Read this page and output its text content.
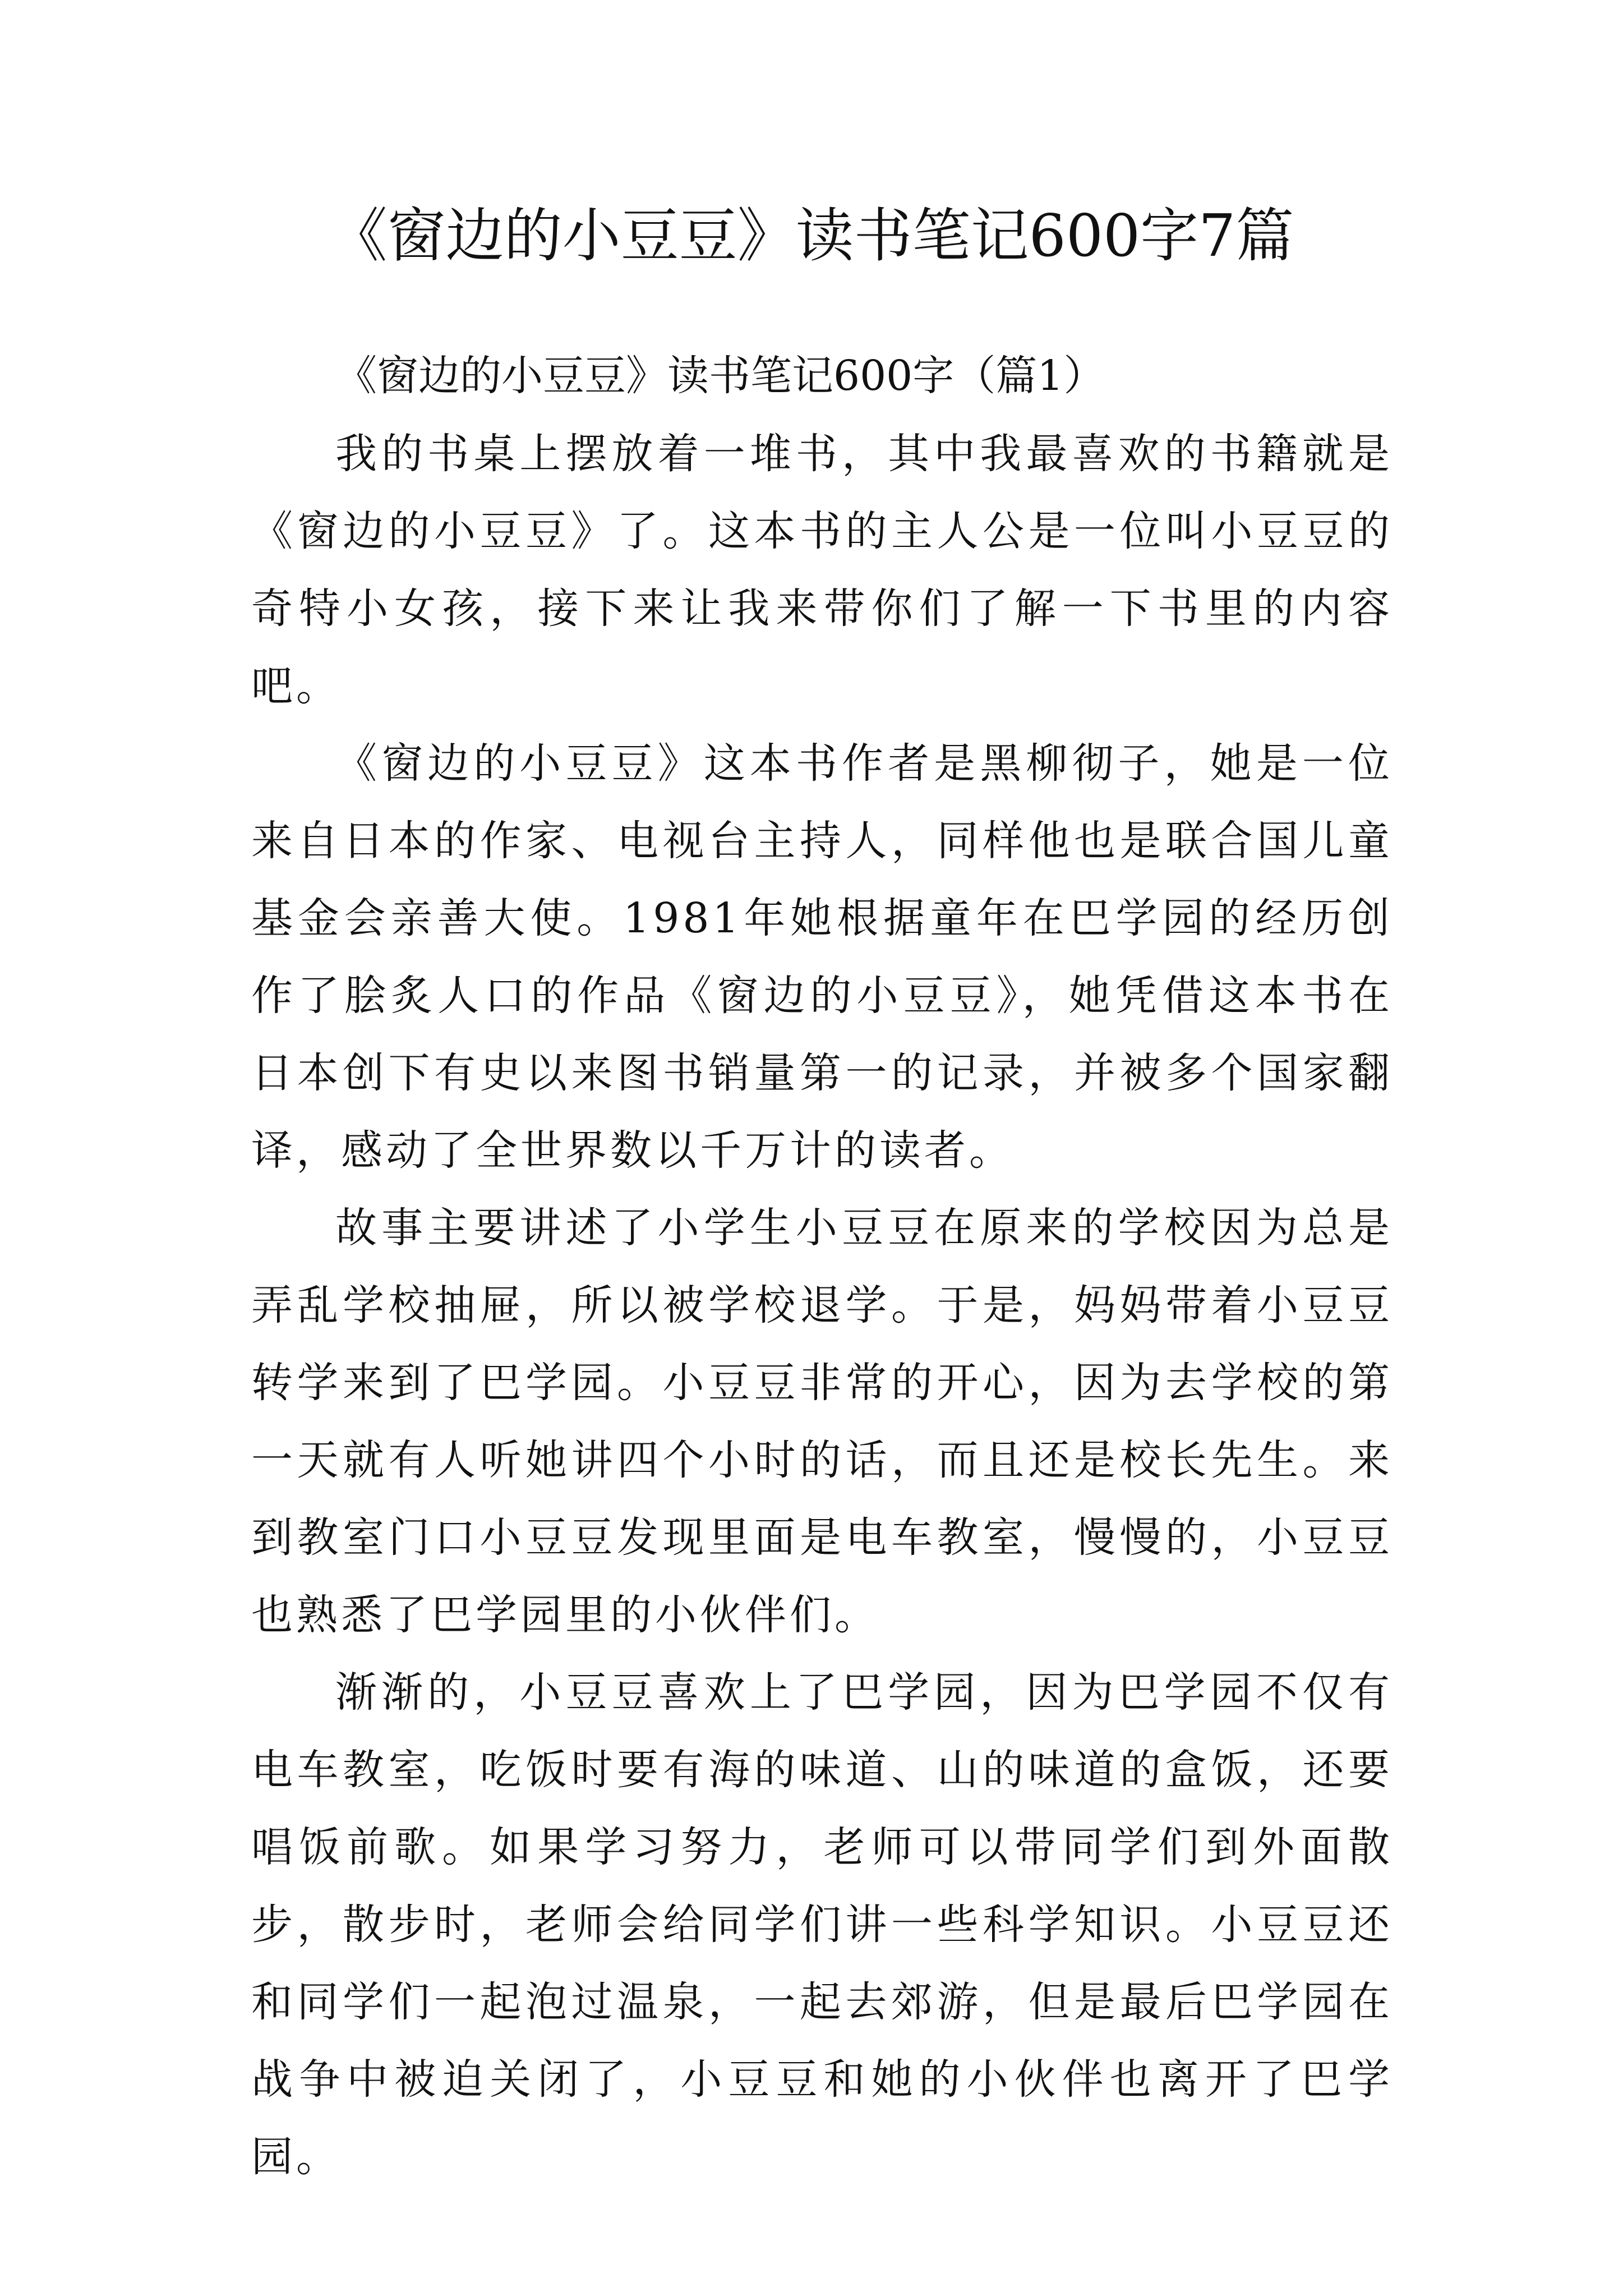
《窗边的小豆豆》读书笔记600字7篇

《窗边的小豆豆》读书笔记600字（篇1）

我的书桌上摆放着一堆书，其中我最喜欢的书籍就是《窗边的小豆豆》了。这本书的主人公是一位叫小豆豆的奇特小女孩，接下来让我来带你们了解一下书里的内容吧。

《窗边的小豆豆》这本书作者是黑柳彻子，她是一位来自日本的作家、电视台主持人，同样他也是联合国儿童基金会亲善大使。1981年她根据童年在巴学园的经历创作了脍炙人口的作品《窗边的小豆豆》，她凭借这本书在日本创下有史以来图书销量第一的记录，并被多个国家翻译，感动了全世界数以千万计的读者。

故事主要讲述了小学生小豆豆在原来的学校因为总是弄乱学校抽屉，所以被学校退学。于是，妈妈带着小豆豆转学来到了巴学园。小豆豆非常的开心，因为去学校的第一天就有人听她讲四个小时的话，而且还是校长先生。来到教室门口小豆豆发现里面是电车教室，慢慢的，小豆豆也熟悉了巴学园里的小伙伴们。

渐渐的，小豆豆喜欢上了巴学园，因为巴学园不仅有电车教室，吃饭时要有海的味道、山的味道的盒饭，还要唱饭前歌。如果学习努力，老师可以带同学们到外面散步，散步时，老师会给同学们讲一些科学知识。小豆豆还和同学们一起泡过温泉，一起去郊游，但是最后巴学园在战争中被迫关闭了，小豆豆和她的小伙伴也离开了巴学园。
